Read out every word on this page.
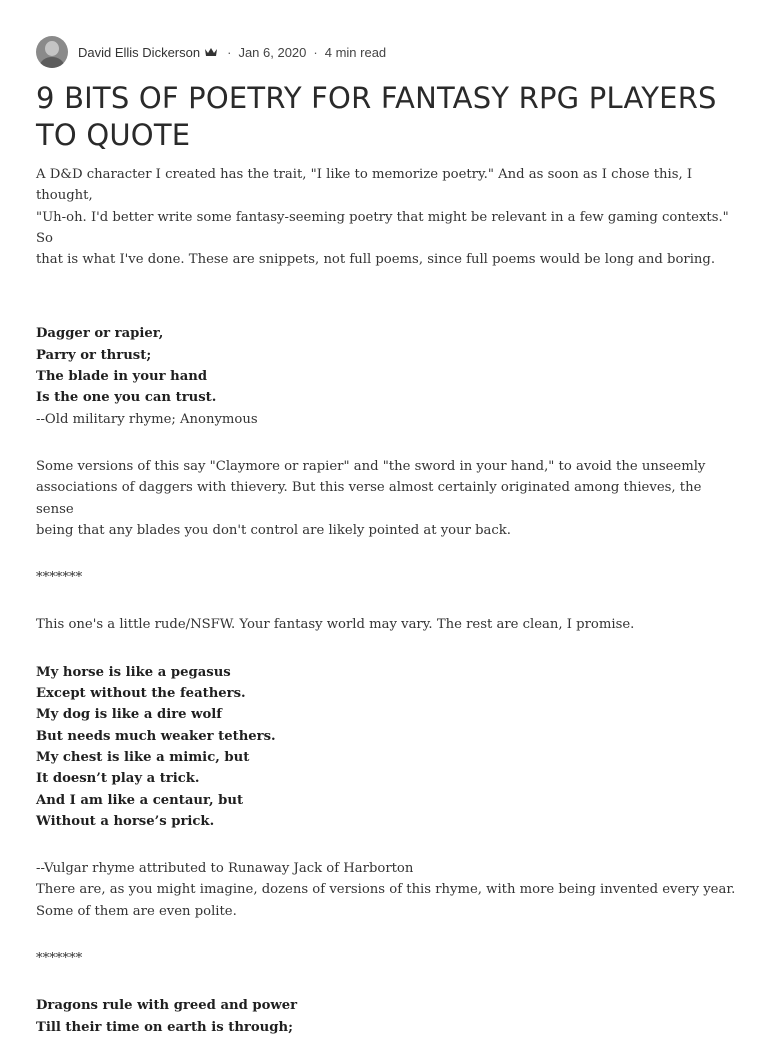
David Ellis Dickerson · Jan 6, 2020 · 4 min read
9 BITS OF POETRY FOR FANTASY RPG PLAYERS TO QUOTE

A D&D character I created has the trait, "I like to memorize poetry." And as soon as I chose this, I thought,

"Uh-oh. I'd better write some fantasy-seeming poetry that might be relevant in a few gaming contexts." So

that is what I've done. These are snippets, not full poems, since full poems would be long and boring.

Dagger or rapier,

Parry or thrust;

The blade in your hand

Is the one you can trust.

--Old military rhyme; Anonymous

Some versions of this say "Claymore or rapier" and "the sword in your hand," to avoid the unseemly

associations of daggers with thievery. But this verse almost certainly originated among thieves, the sense

being that any blades you don't control are likely pointed at your back.

*******

This one's a little rude/NSFW. Your fantasy world may vary. The rest are clean, I promise.

My horse is like a pegasus

Except without the feathers.

My dog is like a dire wolf

But needs much weaker tethers.

My chest is like a mimic, but

It doesn’t play a trick.

And I am like a centaur, but

Without a horse’s prick.

--Vulgar rhyme attributed to Runaway Jack of Harborton

There are, as you might imagine, dozens of versions of this rhyme, with more being invented every year.

Some of them are even polite.

*******

Dragons rule with greed and power

Till their time on earth is through;
